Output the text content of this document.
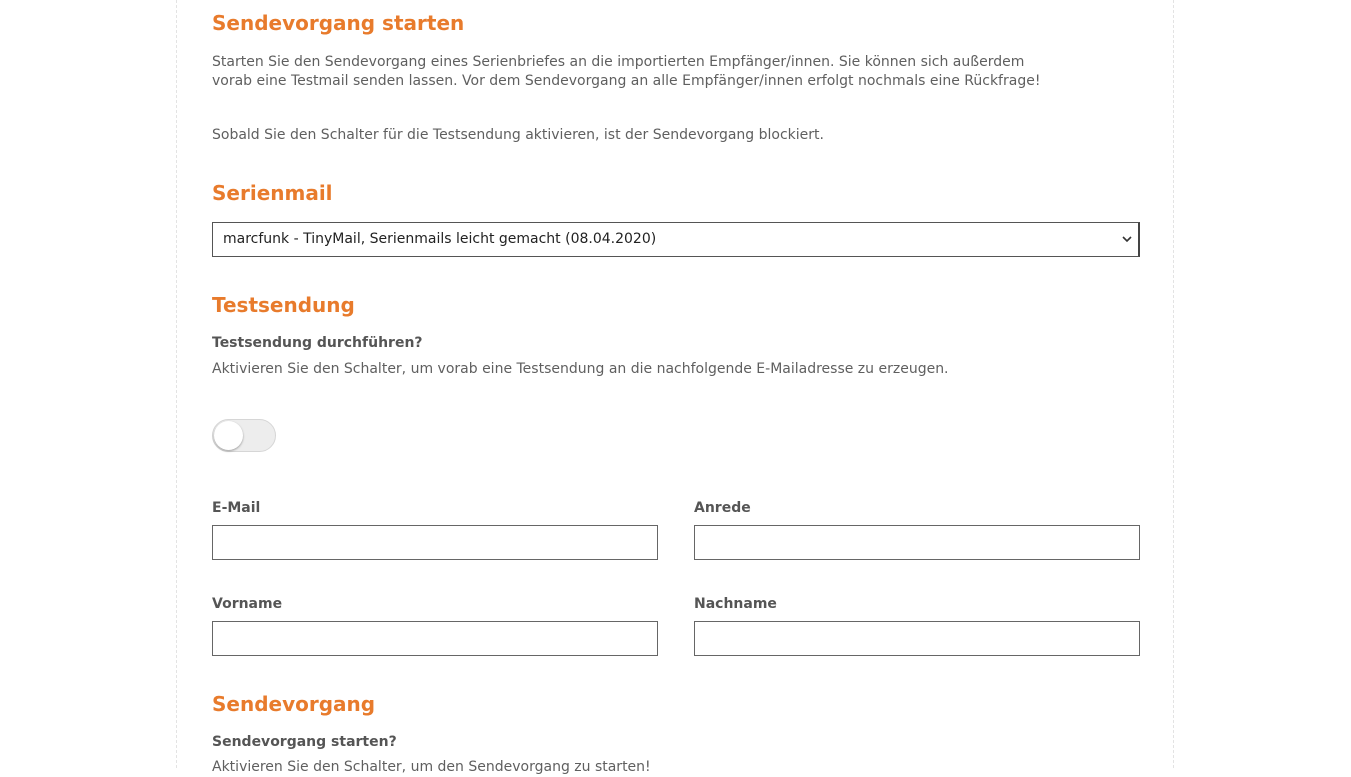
Sendevorgang starten

Starten Sie den Sendevorgang eines Serienbriefes an die importierten Empfänger/innen. Sie können sich außerdem

vorab eine Testmail senden lassen. Vor dem Sendevorgang an alle Empfänger/innen erfolgt nochmals eine Rückfrage!

Sobald Sie den Schalter für die Testsendung aktivieren, ist der Sendevorgang blockiert.

Serienmail
marcfunk - TinyMail, Serienmails leicht gemacht (08.04.2020)
Testsendung

Testsendung durchführen?

Aktivieren Sie den Schalter, um vorab eine Testsendung an die nachfolgende E-Mailadresse zu erzeugen.

E-Mail	Anrede
Vorname	Nachname
Sendevorgang

Sendevorgang starten?

Aktivieren Sie den Schalter, um den Sendevorgang zu starten!
